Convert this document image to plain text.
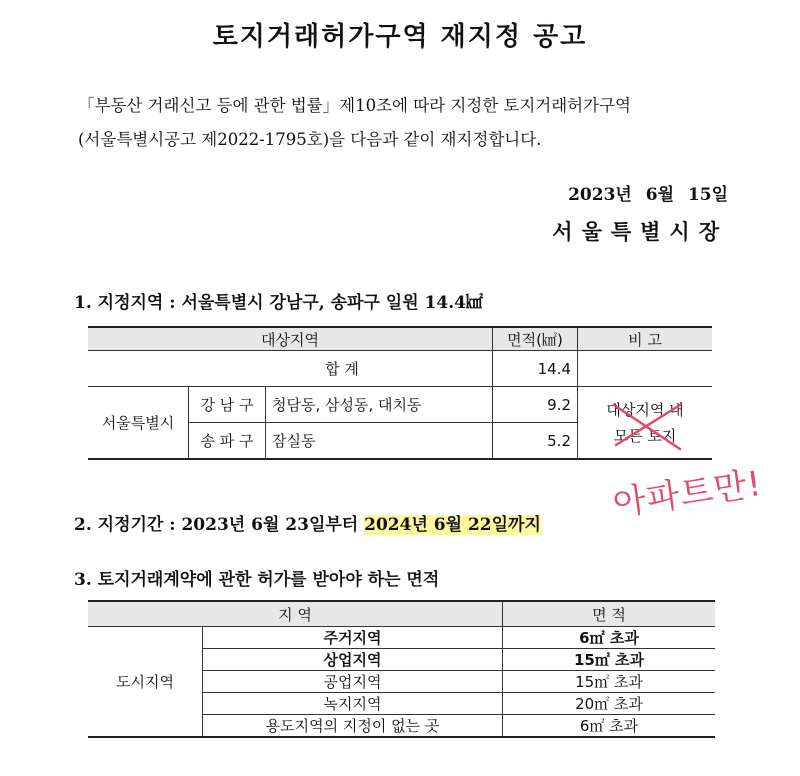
토지거래허가구역 재지정 공고
「부동산 거래신고 등에 관한 법률」제10조에 따라 지정한 토지거래허가구역
(서울특별시공고 제2022-1795호)을 다음과 같이 재지정합니다.
2023년 6월 15일
서울특별시장
1. 지정지역 : 서울특별시 강남구, 송파구 일원 14.4㎢
대상지역			면적(㎢)	비 고
합 계			14.4	
서울특별시	강 남 구	청담동, 삼성동, 대치동	9.2	대상지역 내
모든 토지

	송 파 구	잠실동	5.2	
아파트만!
2. 지정기간 : 2023년 6월 23일부터 2024년 6월 22일까지
3. 토지거래계약에 관한 허가를 받아야 하는 면적
지 역		면 적
도시지역	주거지역	6㎡ 초과
	상업지역	15㎡ 초과
	공업지역	15㎡ 초과
	녹지지역	20㎡ 초과
	용도지역의 지정이 없는 곳	6㎡ 초과
